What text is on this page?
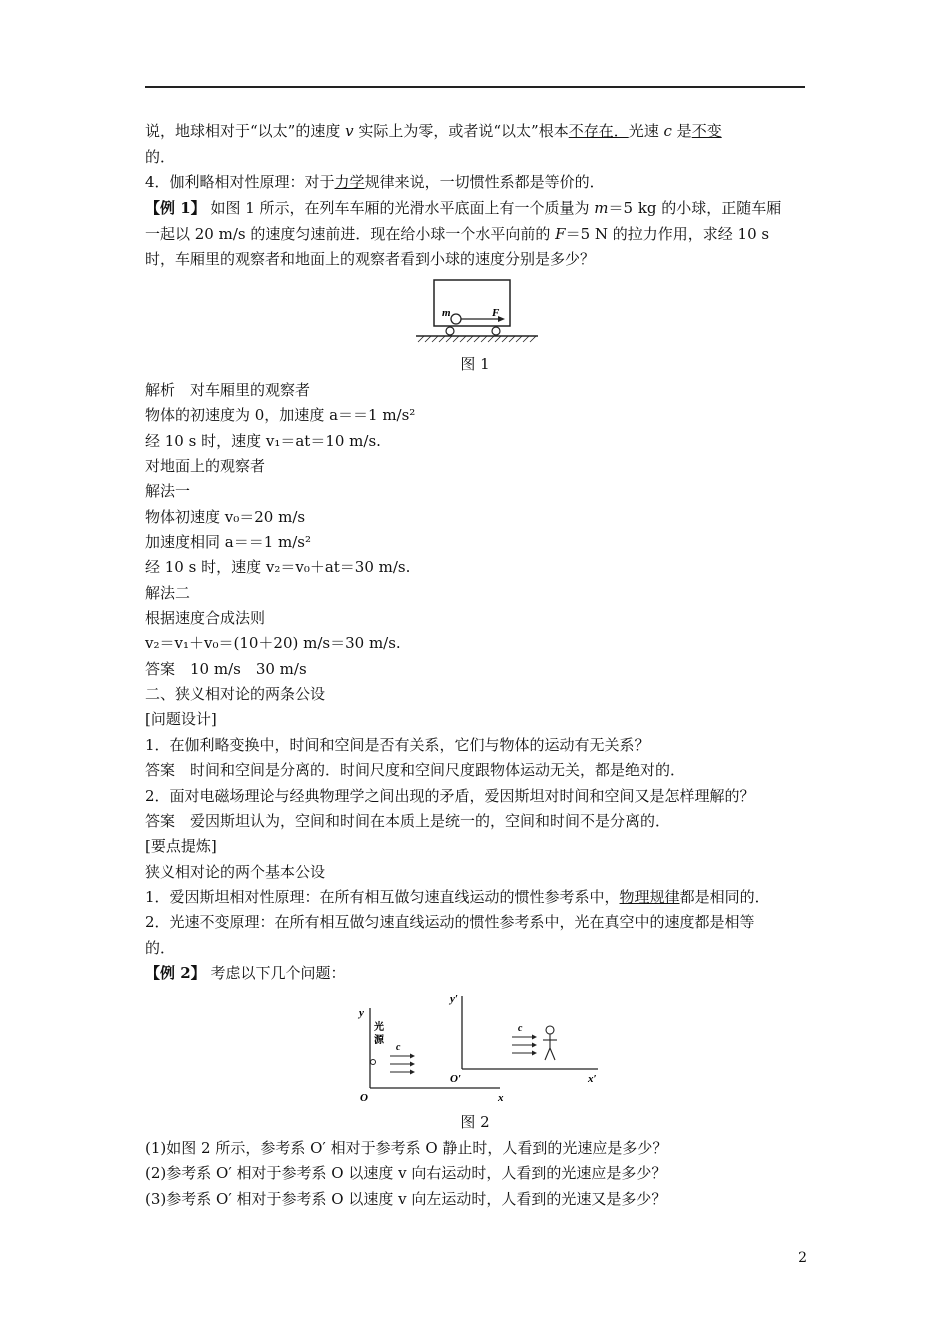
说，地球相对于“以太”的速度 v 实际上为零，或者说“以太”根本不存在．光速 c 是不变
的．
4．伽利略相对性原理：对于力学规律来说，一切惯性系都是等价的．
【例 1】 如图 1 所示，在列车车厢的光滑水平底面上有一个质量为 m＝5 kg 的小球，正随车厢
一起以 20 m/s 的速度匀速前进．现在给小球一个水平向前的 F＝5 N 的拉力作用，求经 10 s
时，车厢里的观察者和地面上的观察者看到小球的速度分别是多少？
m	F
图 1
解析　对车厢里的观察者
物体的初速度为 0，加速度 a＝＝1 m/s²
经 10 s 时，速度 v₁＝at＝10 m/s.
对地面上的观察者
解法一
物体初速度 v₀＝20 m/s
加速度相同 a＝＝1 m/s²
经 10 s 时，速度 v₂＝v₀＋at＝30 m/s.
解法二
根据速度合成法则
v₂＝v₁＋v₀＝(10＋20) m/s＝30 m/s.
答案　10 m/s　30 m/s
二、狭义相对论的两条公设
[问题设计]
1．在伽利略变换中，时间和空间是否有关系，它们与物体的运动有无关系？
答案　时间和空间是分离的．时间尺度和空间尺度跟物体运动无关，都是绝对的．
2．面对电磁场理论与经典物理学之间出现的矛盾，爱因斯坦对时间和空间又是怎样理解的？
答案　爱因斯坦认为，空间和时间在本质上是统一的，空间和时间不是分离的．
[要点提炼]
狭义相对论的两个基本公设
1．爱因斯坦相对性原理：在所有相互做匀速直线运动的惯性参考系中，物理规律都是相同的．
2．光速不变原理：在所有相互做匀速直线运动的惯性参考系中，光在真空中的速度都是相等
的．
【例 2】 考虑以下几个问题：
y
x
O
光
源
c
y′
x′
O′
c
图 2
(1)如图 2 所示，参考系 O′ 相对于参考系 O 静止时，人看到的光速应是多少？
(2)参考系 O′ 相对于参考系 O 以速度 v 向右运动时，人看到的光速应是多少？
(3)参考系 O′ 相对于参考系 O 以速度 v 向左运动时，人看到的光速又是多少？
2
